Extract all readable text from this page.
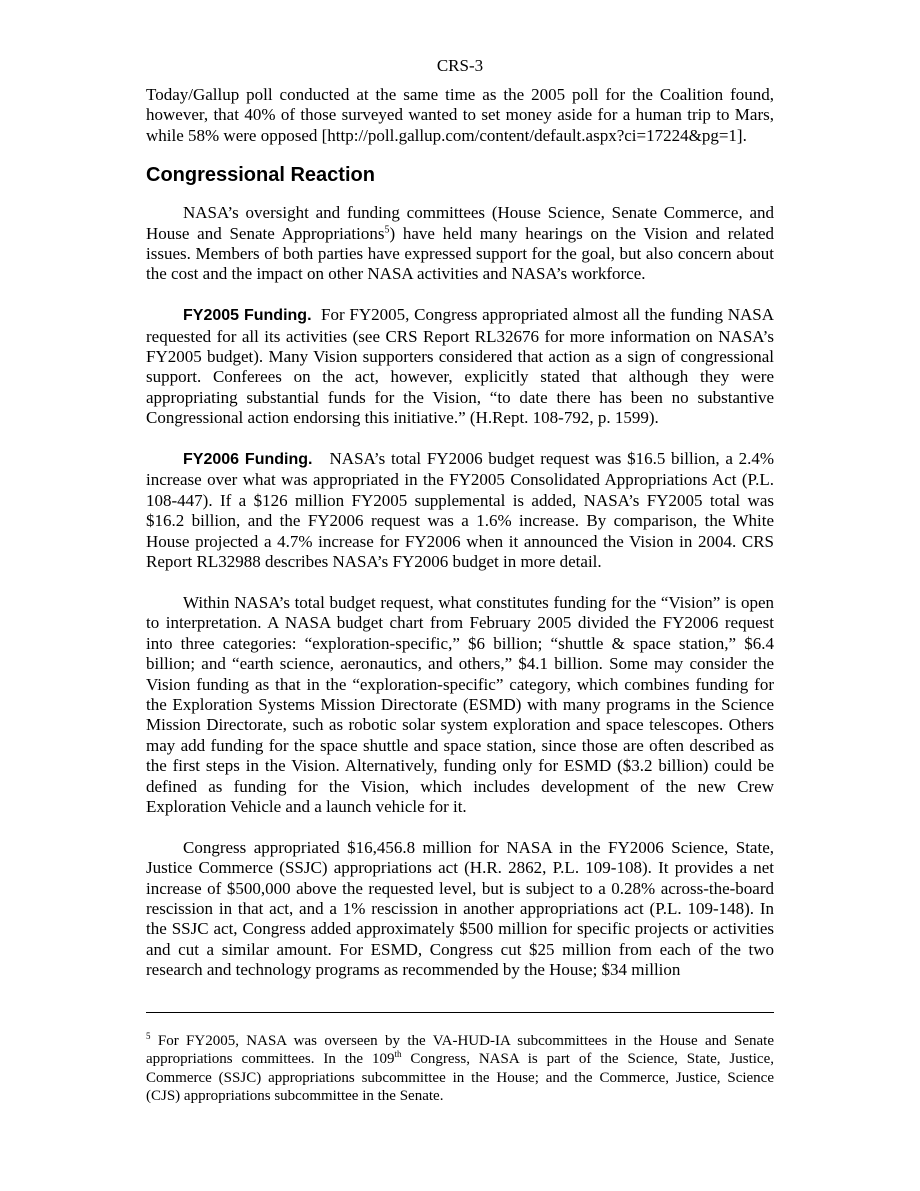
CRS-3

Today/Gallup poll conducted at the same time as the 2005 poll for the Coalition found, however, that 40% of those surveyed wanted to set money aside for a human trip to Mars, while 58% were opposed [http://poll.gallup.com/content/default.aspx?ci=17224&pg=1].

Congressional Reaction

NASA’s oversight and funding committees (House Science, Senate Commerce, and House and Senate Appropriations$^5$) have held many hearings on the Vision and related issues. Members of both parties have expressed support for the goal, but also concern about the cost and the impact on other NASA activities and NASA’s workforce.

FY2005 Funding. For FY2005, Congress appropriated almost all the funding NASA requested for all its activities (see CRS Report RL32676 for more information on NASA’s FY2005 budget). Many Vision supporters considered that action as a sign of congressional support. Conferees on the act, however, explicitly stated that although they were appropriating substantial funds for the Vision, “to date there has been no substantive Congressional action endorsing this initiative.” (H.Rept. 108-792, p. 1599).

FY2006 Funding. NASA’s total FY2006 budget request was $16.5 billion, a 2.4% increase over what was appropriated in the FY2005 Consolidated Appropriations Act (P.L. 108-447). If a $126 million FY2005 supplemental is added, NASA’s FY2005 total was $16.2 billion, and the FY2006 request was a 1.6% increase. By comparison, the White House projected a 4.7% increase for FY2006 when it announced the Vision in 2004. CRS Report RL32988 describes NASA’s FY2006 budget in more detail.

Within NASA’s total budget request, what constitutes funding for the “Vision” is open to interpretation. A NASA budget chart from February 2005 divided the FY2006 request into three categories: “exploration-specific,” $6 billion; “shuttle & space station,” $6.4 billion; and “earth science, aeronautics, and others,” $4.1 billion. Some may consider the Vision funding as that in the “exploration-specific” category, which combines funding for the Exploration Systems Mission Directorate (ESMD) with many programs in the Science Mission Directorate, such as robotic solar system exploration and space telescopes. Others may add funding for the space shuttle and space station, since those are often described as the first steps in the Vision. Alternatively, funding only for ESMD ($3.2 billion) could be defined as funding for the Vision, which includes development of the new Crew Exploration Vehicle and a launch vehicle for it.

Congress appropriated $16,456.8 million for NASA in the FY2006 Science, State, Justice Commerce (SSJC) appropriations act (H.R. 2862, P.L. 109-108). It provides a net increase of $500,000 above the requested level, but is subject to a 0.28% across-the-board rescission in that act, and a 1% rescission in another appropriations act (P.L. 109-148). In the SSJC act, Congress added approximately $500 million for specific projects or activities and cut a similar amount. For ESMD, Congress cut $25 million from each of the two research and technology programs as recommended by the House; $34 million

$^5$ For FY2005, NASA was overseen by the VA-HUD-IA subcommittees in the House and Senate appropriations committees. In the 109th Congress, NASA is part of the Science, State, Justice, Commerce (SSJC) appropriations subcommittee in the House; and the Commerce, Justice, Science (CJS) appropriations subcommittee in the Senate.
